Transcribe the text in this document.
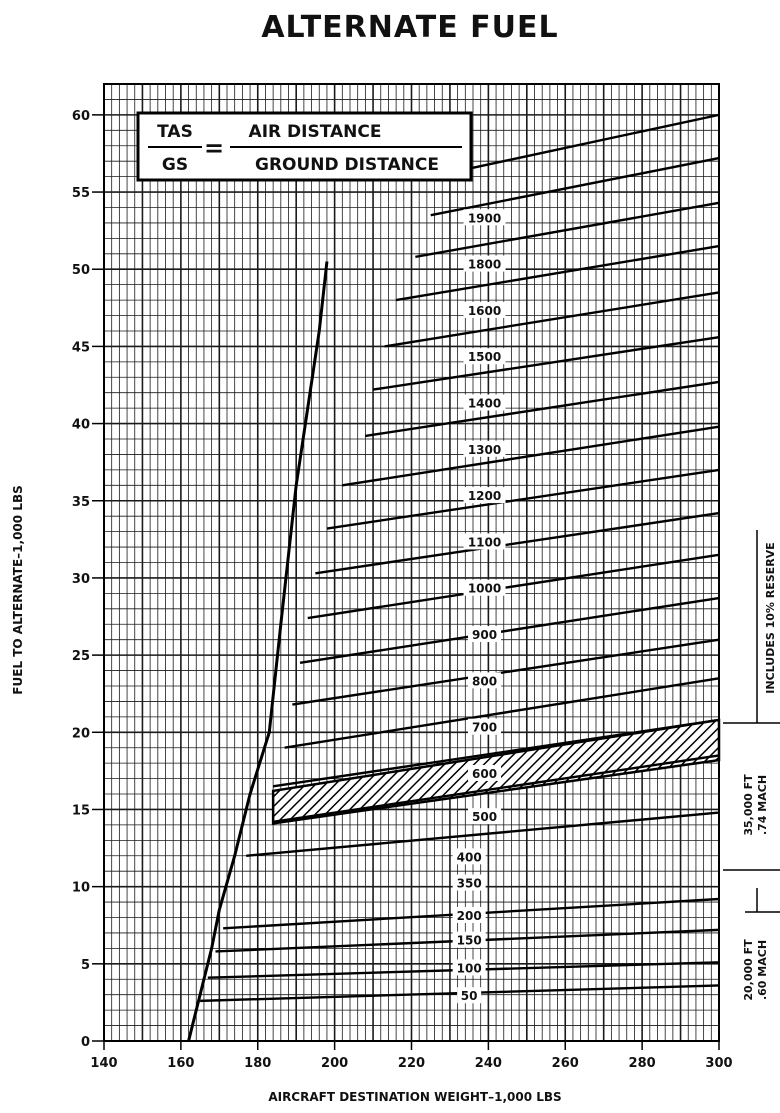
ALTERNATE FUEL
1900
1800
1600
1500
1400
1300
1200
1100
1000
900
800
700
600
500
400
350
200
150
100
50
140	160	180	200	220	240	260	280	300
0
5
10
15
20
25
30
35
40
45
50
55
60
TAS
GS
=
AIR DISTANCE
GROUND DISTANCE
AIRCRAFT DESTINATION WEIGHT–1,000 LBS
FUEL TO ALTERNATE–1,000 LBS	INCLUDES 10% RESERVE
35,000 FT .74 MACH
20,000 FT .60 MACH
